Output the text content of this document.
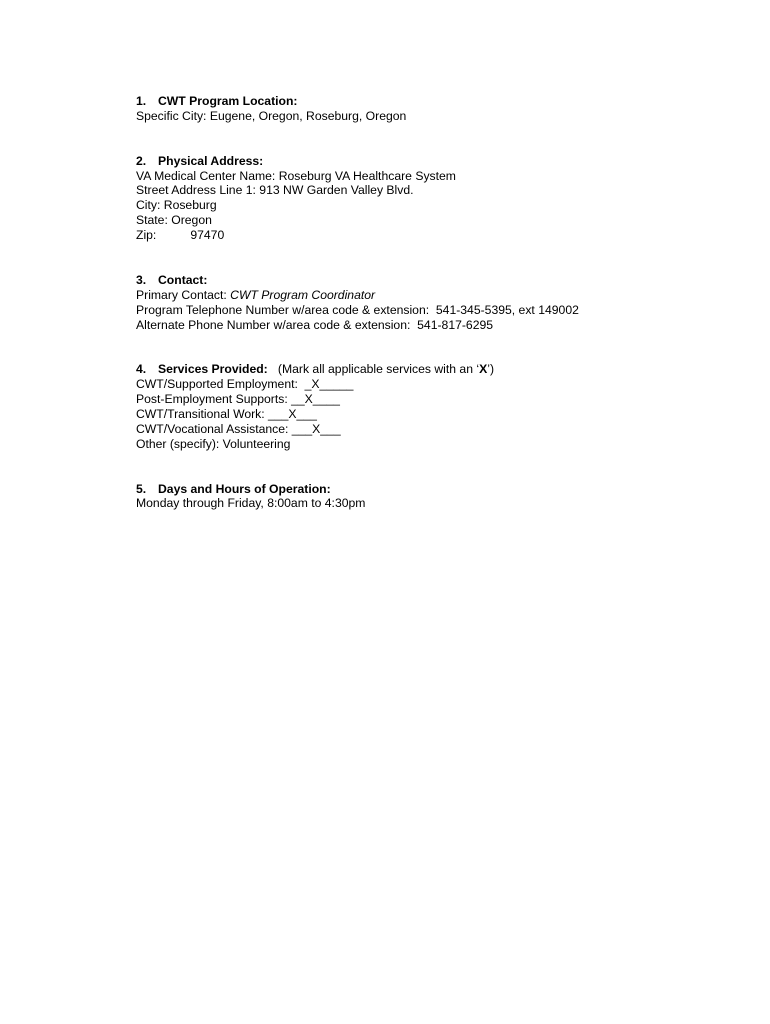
1. CWT Program Location:
Specific City: Eugene, Oregon, Roseburg, Oregon
2. Physical Address:
VA Medical Center Name: Roseburg VA Healthcare System
Street Address Line 1: 913 NW Garden Valley Blvd.
City: Roseburg
State: Oregon
Zip:	97470
3. Contact:
Primary Contact: CWT Program Coordinator
Program Telephone Number w/area code & extension:  541-345-5395, ext 149002
Alternate Phone Number w/area code & extension:  541-817-6295
4. Services Provided:   (Mark all applicable services with an ‘X’)
CWT/Supported Employment:  _X_____
Post-Employment Supports: __X____
CWT/Transitional Work: ___X___
CWT/Vocational Assistance: ___X___
Other (specify): Volunteering
5. Days and Hours of Operation:
Monday through Friday, 8:00am to 4:30pm
